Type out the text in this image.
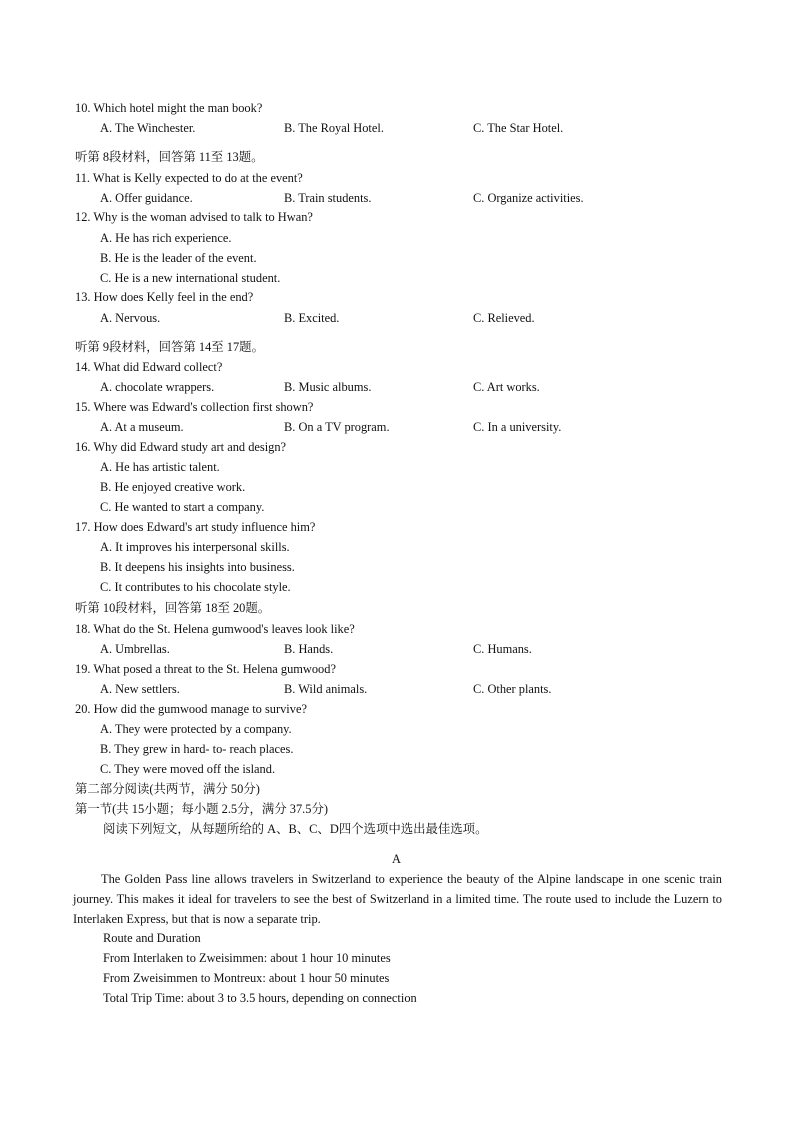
10. Which hotel might the man book?
A. The Winchester.	B. The Royal Hotel.	C. The Star Hotel.
听第 8段材料，回答第 11至 13题。
11. What is Kelly expected to do at the event?
A. Offer guidance.	B. Train students.	C. Organize activities.
12. Why is the woman advised to talk to Hwan?
A. He has rich experience.
B. He is the leader of the event.
C. He is a new international student.
13. How does Kelly feel in the end?
A. Nervous.	B. Excited.	C. Relieved.
听第 9段材料，回答第 14至 17题。
14. What did Edward collect?
A. chocolate wrappers.	B. Music albums.	C. Art works.
15. Where was Edward's collection first shown?
A. At a museum.	B. On a TV program.	C. In a university.
16. Why did Edward study art and design?
A. He has artistic talent.
B. He enjoyed creative work.
C. He wanted to start a company.
17. How does Edward's art study influence him?
A. It improves his interpersonal skills.
B. It deepens his insights into business.
C. It contributes to his chocolate style.
听第 10段材料，回答第 18至 20题。
18. What do the St. Helena gumwood's leaves look like?
A. Umbrellas.	B. Hands.	C. Humans.
19. What posed a threat to the St. Helena gumwood?
A. New settlers.	B. Wild animals.	C. Other plants.
20. How did the gumwood manage to survive?
A. They were protected by a company.
B. They grew in hard- to- reach places.
C. They were moved off the island.
第二部分阅读(共两节，满分 50分)
第一节(共 15小题；每小题 2.5分，满分 37.5分)
阅读下列短文，从每题所给的 A、B、C、D四个选项中选出最佳选项。
A
The Golden Pass line allows travelers in Switzerland to experience the beauty of the Alpine landscape in one scenic train journey. This makes it ideal for travelers to see the best of Switzerland in a limited time. The route used to include the Luzern to Interlaken Express, but that is now a separate trip.
Route and Duration
From Interlaken to Zweisimmen: about 1 hour 10 minutes
From Zweisimmen to Montreux: about 1 hour 50 minutes
Total Trip Time: about 3 to 3.5 hours, depending on connection
